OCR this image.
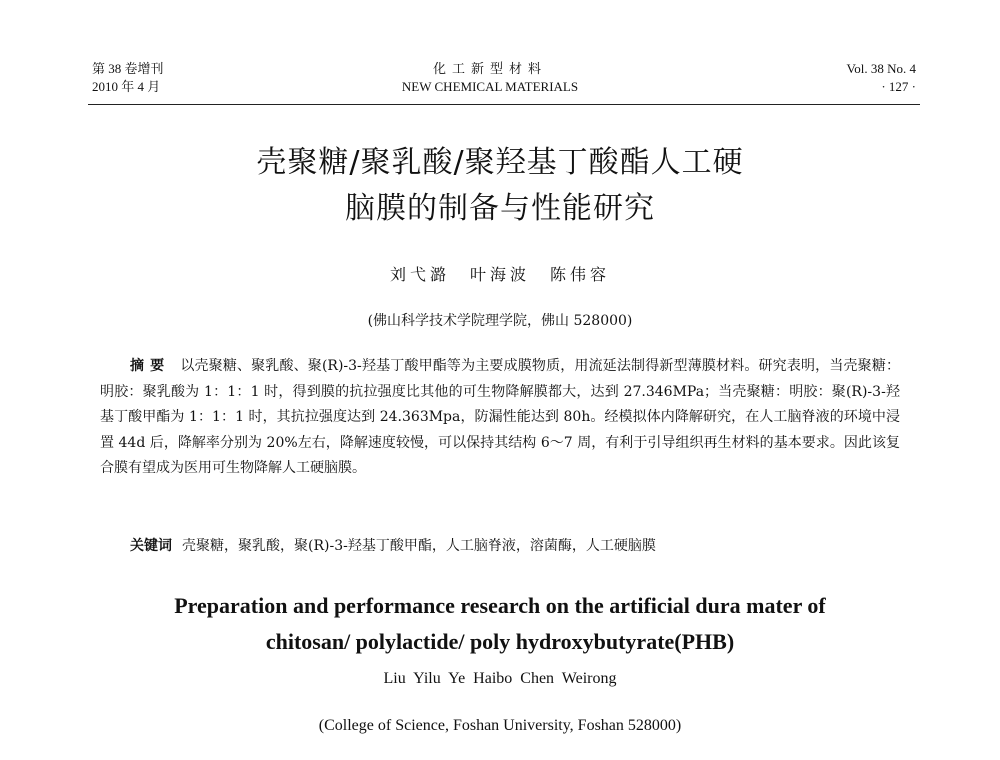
第 38 卷增刊
2010 年 4 月
化工新型材料
NEW CHEMICAL MATERIALS
Vol. 38 No. 4
· 127 ·
壳聚糖/聚乳酸/聚羟基丁酸酯人工硬
脑膜的制备与性能研究
刘弋潞　叶海波　陈伟容
(佛山科学技术学院理学院，佛山 528000)
摘要 以壳聚糖、聚乳酸、聚(R)-3-羟基丁酸甲酯等为主要成膜物质，用流延法制得新型薄膜材料。研究表明，当壳聚糖：明胶：聚乳酸为 1：1：1 时，得到膜的抗拉强度比其他的可生物降解膜都大，达到 27.346MPa；当壳聚糖：明胶：聚(R)-3-羟基丁酸甲酯为 1：1：1 时，其抗拉强度达到 24.363Mpa，防漏性能达到 80h。经模拟体内降解研究，在人工脑脊液的环境中浸置 44d 后，降解率分别为 20%左右，降解速度较慢，可以保持其结构 6～7 周，有利于引导组织再生材料的基本要求。因此该复合膜有望成为医用可生物降解人工硬脑膜。
关键词 壳聚糖，聚乳酸，聚(R)-3-羟基丁酸甲酯，人工脑脊液，溶菌酶，人工硬脑膜
Preparation and performance research on the artificial dura mater of
chitosan/ polylactide/ poly hydroxybutyrate(PHB)
Liu Yilu Ye Haibo Chen Weirong
(College of Science, Foshan University, Foshan 528000)
